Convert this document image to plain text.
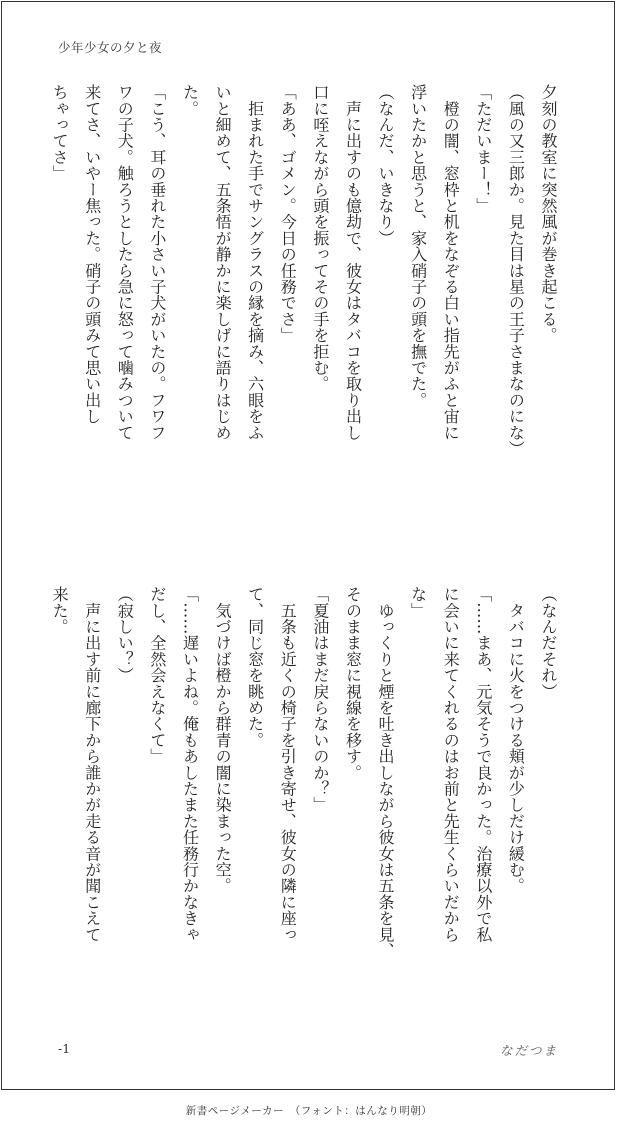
少年少女の夕と夜

夕刻の教室に突然風が巻き起こる。

（風の又三郎か。見た目は星の王子さまなのにな）

「ただいまー！」

　橙の闇、窓枠と机をなぞる白い指先がふと宙に

浮いたかと思うと、家入硝子の頭を撫でた。

（なんだ、いきなり）

　声に出すのも億劫で、彼女はタバコを取り出し

口に咥えながら頭を振ってその手を拒む。

「ああ、ゴメン。今日の任務でさ」

　拒まれた手でサングラスの縁を摘み、六眼をふ

いと細めて、五条悟が静かに楽しげに語りはじめ

た。

「こう、耳の垂れた小さい子犬がいたの。フワフ

ワの子犬。触ろうとしたら急に怒って噛みついて

来てさ、いやー焦った。硝子の頭みて思い出し

ちゃってさ」

（なんだそれ）

　タバコに火をつける頬が少しだけ緩む。

「……まあ、元気そうで良かった。治療以外で私

に会いに来てくれるのはお前と先生くらいだから

な」

　ゆっくりと煙を吐き出しながら彼女は五条を見、

そのまま窓に視線を移す。

「夏油はまだ戻らないのか？」

　五条も近くの椅子を引き寄せ、彼女の隣に座っ

て、同じ窓を眺めた。

　気づけば橙から群青の闇に染まった空。

「……遅いよね。俺もあしたまた任務行かなきゃ

だし、全然会えなくて」

（寂しい？）

　声に出す前に廊下から誰かが走る音が聞こえて

来た。

-1	なだつま
新書ページメーカー　（フォント：はんなり明朝）
